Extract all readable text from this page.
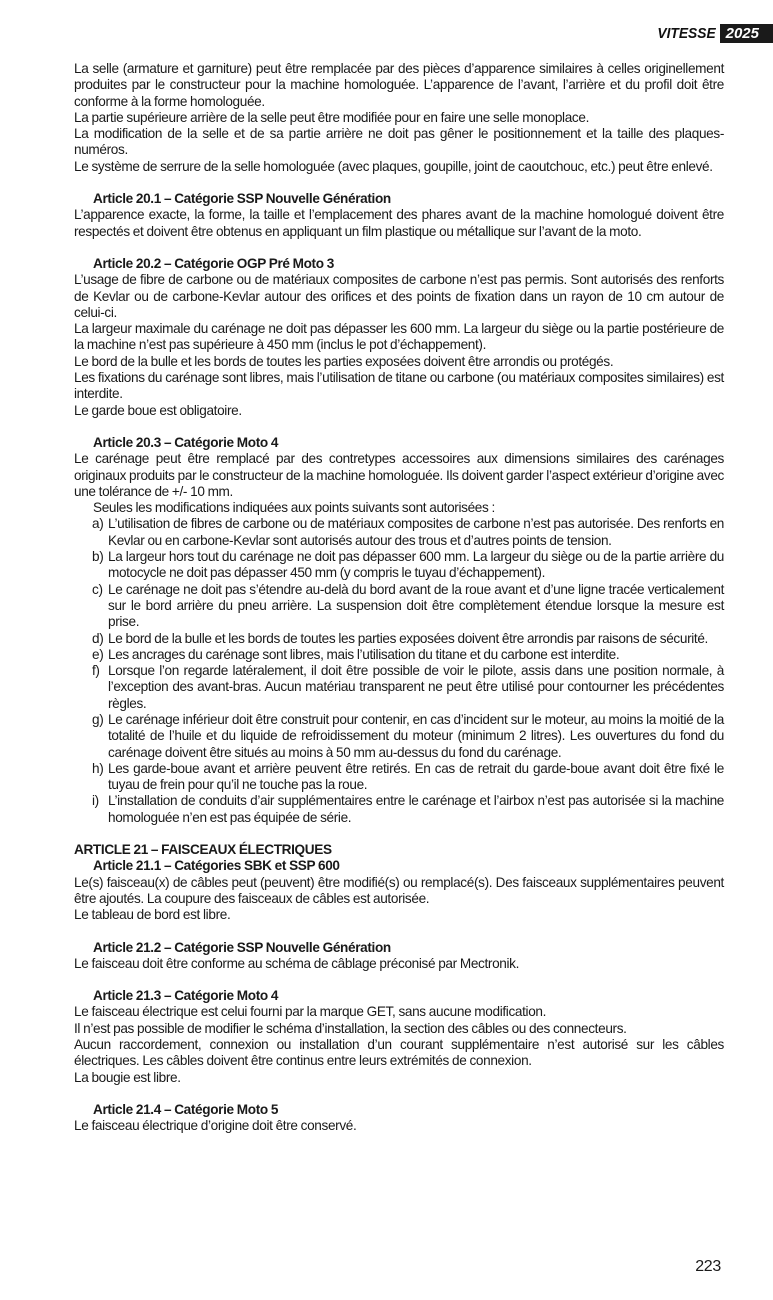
VITESSE 2025

La selle (armature et garniture) peut être remplacée par des pièces d’apparence similaires à celles originellement produites par le constructeur pour la machine homologuée. L’apparence de l’avant, l’arrière et du profil doit être conforme à la forme homologuée.

La partie supérieure arrière de la selle peut être modifiée pour en faire une selle monoplace.

La modification de la selle et de sa partie arrière ne doit pas gêner le positionnement et la taille des plaques-numéros.

Le système de serrure de la selle homologuée (avec plaques, goupille, joint de caoutchouc, etc.) peut être enlevé.

Article 20.1 – Catégorie SSP Nouvelle Génération

L’apparence exacte, la forme, la taille et l’emplacement des phares avant de la machine homologué doivent être respectés et doivent être obtenus en appliquant un film plastique ou métallique sur l’avant de la moto.

Article 20.2 – Catégorie OGP Pré Moto 3

L’usage de fibre de carbone ou de matériaux composites de carbone n’est pas permis. Sont autorisés des renforts de Kevlar ou de carbone-Kevlar autour des orifices et des points de fixation dans un rayon de 10 cm autour de celui-ci.

La largeur maximale du carénage ne doit pas dépasser les 600 mm. La largeur du siège ou la partie postérieure de la machine n’est pas supérieure à 450 mm (inclus le pot d’échappement).

Le bord de la bulle et les bords de toutes les parties exposées doivent être arrondis ou protégés.

Les fixations du carénage sont libres, mais l’utilisation de titane ou carbone (ou matériaux composites similaires) est interdite.

Le garde boue est obligatoire.

Article 20.3 – Catégorie Moto 4

Le carénage peut être remplacé par des contretypes accessoires aux dimensions similaires des carénages originaux produits par le constructeur de la machine homologuée. Ils doivent garder l’aspect extérieur d’origine avec une tolérance de +/- 10 mm.

Seules les modifications indiquées aux points suivants sont autorisées :

a) L’utilisation de fibres de carbone ou de matériaux composites de carbone n’est pas autorisée. Des renforts en Kevlar ou en carbone-Kevlar sont autorisés autour des trous et d’autres points de tension.
b) La largeur hors tout du carénage ne doit pas dépasser 600 mm. La largeur du siège ou de la partie arrière du motocycle ne doit pas dépasser 450 mm (y compris le tuyau d’échappement).
c) Le carénage ne doit pas s’étendre au-delà du bord avant de la roue avant et d’une ligne tracée verticalement sur le bord arrière du pneu arrière. La suspension doit être complètement étendue lorsque la mesure est prise.
d) Le bord de la bulle et les bords de toutes les parties exposées doivent être arrondis par raisons de sécurité.
e) Les ancrages du carénage sont libres, mais l’utilisation du titane et du carbone est interdite.
f) Lorsque l’on regarde latéralement, il doit être possible de voir le pilote, assis dans une position normale, à l’exception des avant-bras. Aucun matériau transparent ne peut être utilisé pour contourner les précédentes règles.
g) Le carénage inférieur doit être construit pour contenir, en cas d’incident sur le moteur, au moins la moitié de la totalité de l’huile et du liquide de refroidissement du moteur (minimum 2 litres). Les ouvertures du fond du carénage doivent être situés au moins à 50 mm au-dessus du fond du carénage.
h) Les garde-boue avant et arrière peuvent être retirés. En cas de retrait du garde-boue avant doit être fixé le tuyau de frein pour qu’il ne touche pas la roue.
i) L’installation de conduits d’air supplémentaires entre le carénage et l’airbox n’est pas autorisée si la machine homologuée n’en est pas équipée de série.

ARTICLE 21 – FAISCEAUX ÉLECTRIQUES

Article 21.1 – Catégories SBK et SSP 600

Le(s) faisceau(x) de câbles peut (peuvent) être modifié(s) ou remplacé(s). Des faisceaux supplémentaires peuvent être ajoutés. La coupure des faisceaux de câbles est autorisée.

Le tableau de bord est libre.

Article 21.2 – Catégorie SSP Nouvelle Génération

Le faisceau doit être conforme au schéma de câblage préconisé par Mectronik.

Article 21.3 – Catégorie Moto 4

Le faisceau électrique est celui fourni par la marque GET, sans aucune modification.

Il n’est pas possible de modifier le schéma d’installation, la section des câbles ou des connecteurs.

Aucun raccordement, connexion ou installation d’un courant supplémentaire n’est autorisé sur les câbles électriques. Les câbles doivent être continus entre leurs extrémités de connexion.

La bougie est libre.

Article 21.4 – Catégorie Moto 5

Le faisceau électrique d’origine doit être conservé.

223
